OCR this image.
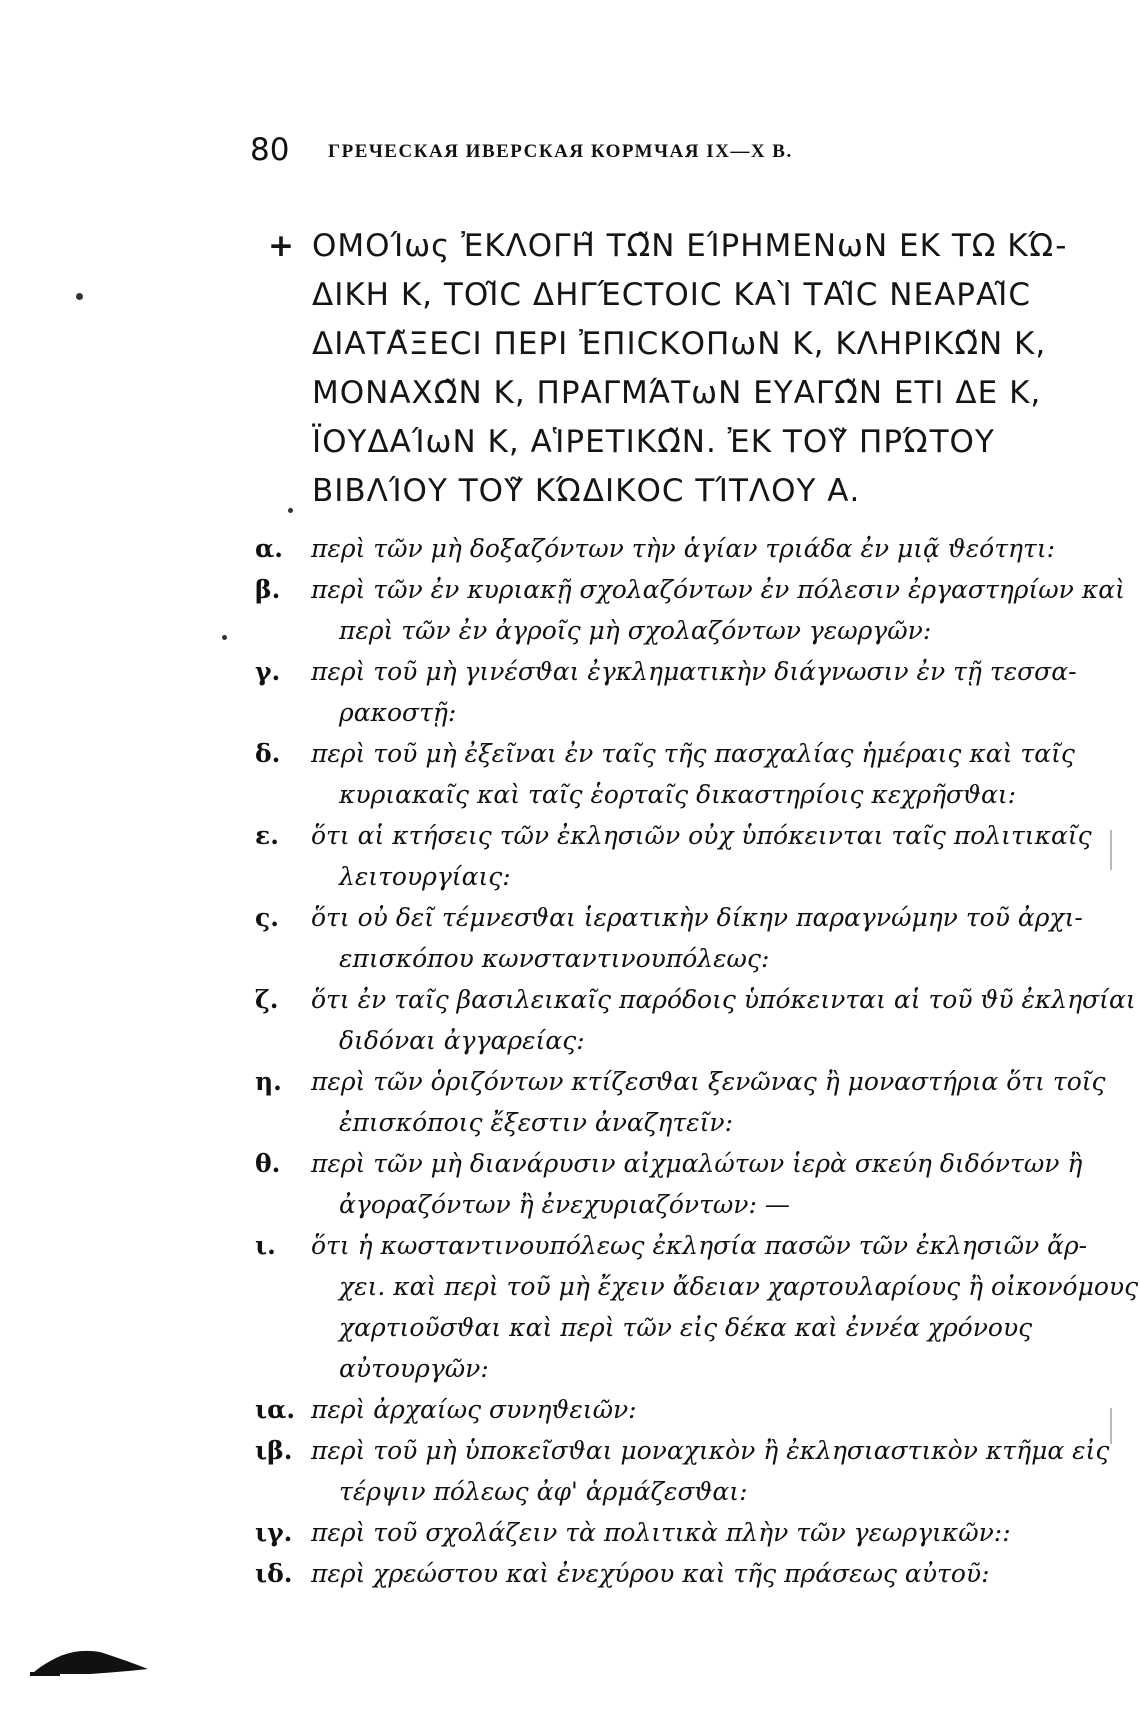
80 ГРЕЧЕСКАЯ ИВЕРСКАЯ КОРМЧАЯ IX—X В.
+ ΟΜΟΊως ἘΚΛΟΓΗ͂ ΤΩ͂Ν ΕΊΡΗΜΕΝωΝ ΕΚ ΤΩ ΚΏ-
ΔΙΚΗ Κ, ΤΟΙ͂C ΔΗΓΈCΤΟΙC ΚΑῚ ΤΑΙ͂C ΝΕΑΡΑΙ͂C
ΔΙΑΤΑ͂ΞΕCΙ ΠΕΡΙ ἘΠΙCΚΟΠωΝ Κ, ΚΛΗΡΙΚΩ͂Ν Κ,
ΜΟΝΑΧΩ͂Ν Κ, ΠΡΑΓΜΆΤωΝ ΕΥΑΓΩ͂Ν ΕΤΙ ΔΕ Κ,
ΪΟΥΔΑΊωΝ Κ, ΑἹΡΕΤΙΚΩ͂Ν. ἘΚ ΤΟΥ͂ ΠΡΏΤΟΥ
ΒΙΒΛΊΟΥ ΤΟΥ͂ ΚΏΔΙΚΟC ΤΊΤΛΟΥ Α.
α.	περὶ τῶν μὴ δοξαζόντων τὴν ἁγίαν τριάδα ἐν μιᾷ ϑεότητι:
β.	περὶ τῶν ἐν κυριακῇ σχολαζόντων ἐν πόλεσιν ἐργαστηρίων καὶ
περὶ τῶν ἐν ἀγροῖς μὴ σχολαζόντων γεωργῶν:
γ.	περὶ τοῦ μὴ γινέσϑαι ἐγκληματικὴν διάγνωσιν ἐν τῇ τεσσα-
ρακοστῇ:
δ.	περὶ τοῦ μὴ ἐξεῖναι ἐν ταῖς τῆς πασχαλίας ἡμέραις καὶ ταῖς
κυριακαῖς καὶ ταῖς ἑορταῖς δικαστηρίοις κεχρῆσϑαι:
ε.	ὅτι αἱ κτήσεις τῶν ἐκλησιῶν οὐχ ὑπόκεινται ταῖς πολιτικαῖς
λειτουργίαις:
ς.	ὅτι οὐ δεῖ τέμνεσϑαι ἱερατικὴν δίκην παραγνώμην τοῦ ἀρχι-
επισκόπου κωνσταντινουπόλεως:
ζ.	ὅτι ἐν ταῖς βασιλεικαῖς παρόδοις ὑπόκεινται αἱ τοῦ ϑῦ ἐκλησίαι
διδόναι ἀγγαρείας:
η.	περὶ τῶν ὁριζόντων κτίζεσϑαι ξενῶνας ἢ μοναστήρια ὅτι τοῖς
ἐπισκόποις ἔξεστιν ἀναζητεῖν:
θ.	περὶ τῶν μὴ διανάρυσιν αἰχμαλώτων ἱερὰ σκεύη διδόντων ἢ
ἀγοραζόντων ἢ ἐνεχυριαζόντων: —
ι.	ὅτι ἡ κωσταντινουπόλεως ἐκλησία πασῶν τῶν ἐκλησιῶν ἄρ-
χει. καὶ περὶ τοῦ μὴ ἔχειν ἄδειαν χαρτουλαρίους ἢ οἰκονόμους
χαρτιοῦσϑαι καὶ περὶ τῶν εἰς δέκα καὶ ἐννέα χρόνους
αὐτουργῶν:
ια. περὶ ἀρχαίως συνηϑειῶν:
ιβ. περὶ τοῦ μὴ ὑποκεῖσϑαι μοναχικὸν ἢ ἐκλησιαστικὸν κτῆμα εἰς
τέρψιν πόλεως ἀφ' ἁρμάζεσϑαι:
ιγ. περὶ τοῦ σχολάζειν τὰ πολιτικὰ πλὴν τῶν γεωργικῶν::
ιδ. περὶ χρεώστου καὶ ἐνεχύρου καὶ τῆς πράσεως αὐτοῦ:
